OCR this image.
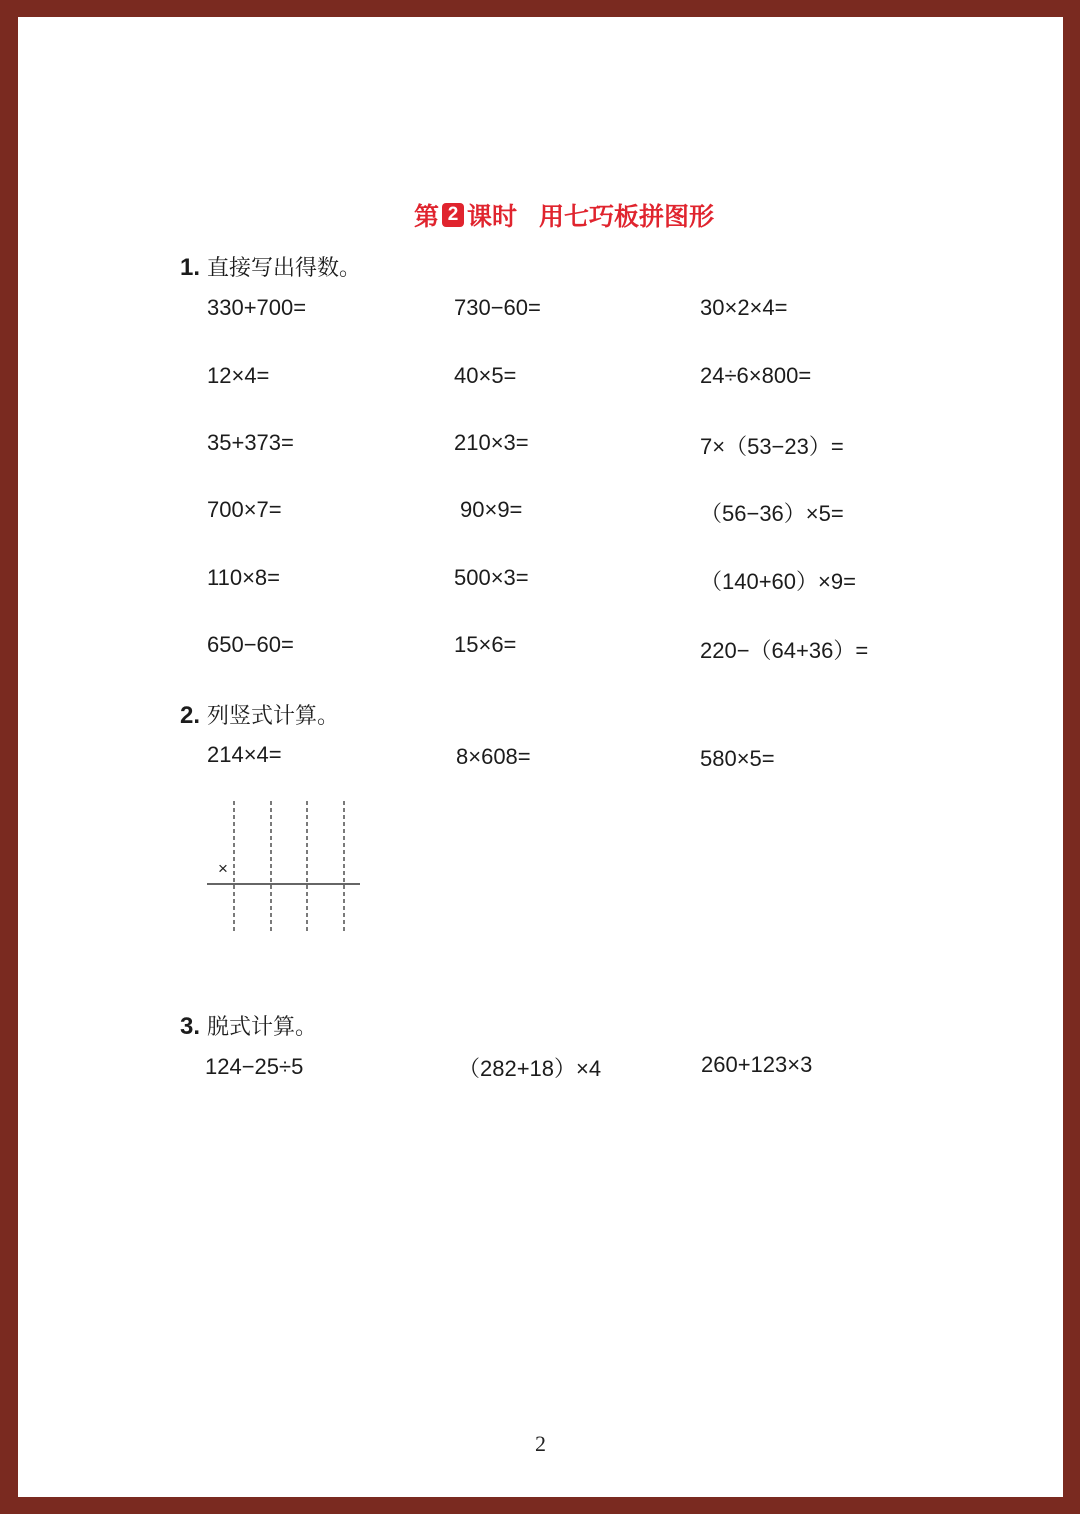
第 2 课时 用七巧板拼图形
1. 直接写出得数。
330+700=	730−60=	30×2×4=
12×4=	40×5=	24÷6×800=
35+373=	210×3=	7×（53−23）=
700×7=	90×9=	（56−36）×5=
110×8=	500×3=	（140+60）×9=
650−60=	15×6=	220−（64+36）=
2. 列竖式计算。
214×4=	8×608=	580×5=
×
3. 脱式计算。
124−25÷5	（282+18）×4	260+123×3
2
